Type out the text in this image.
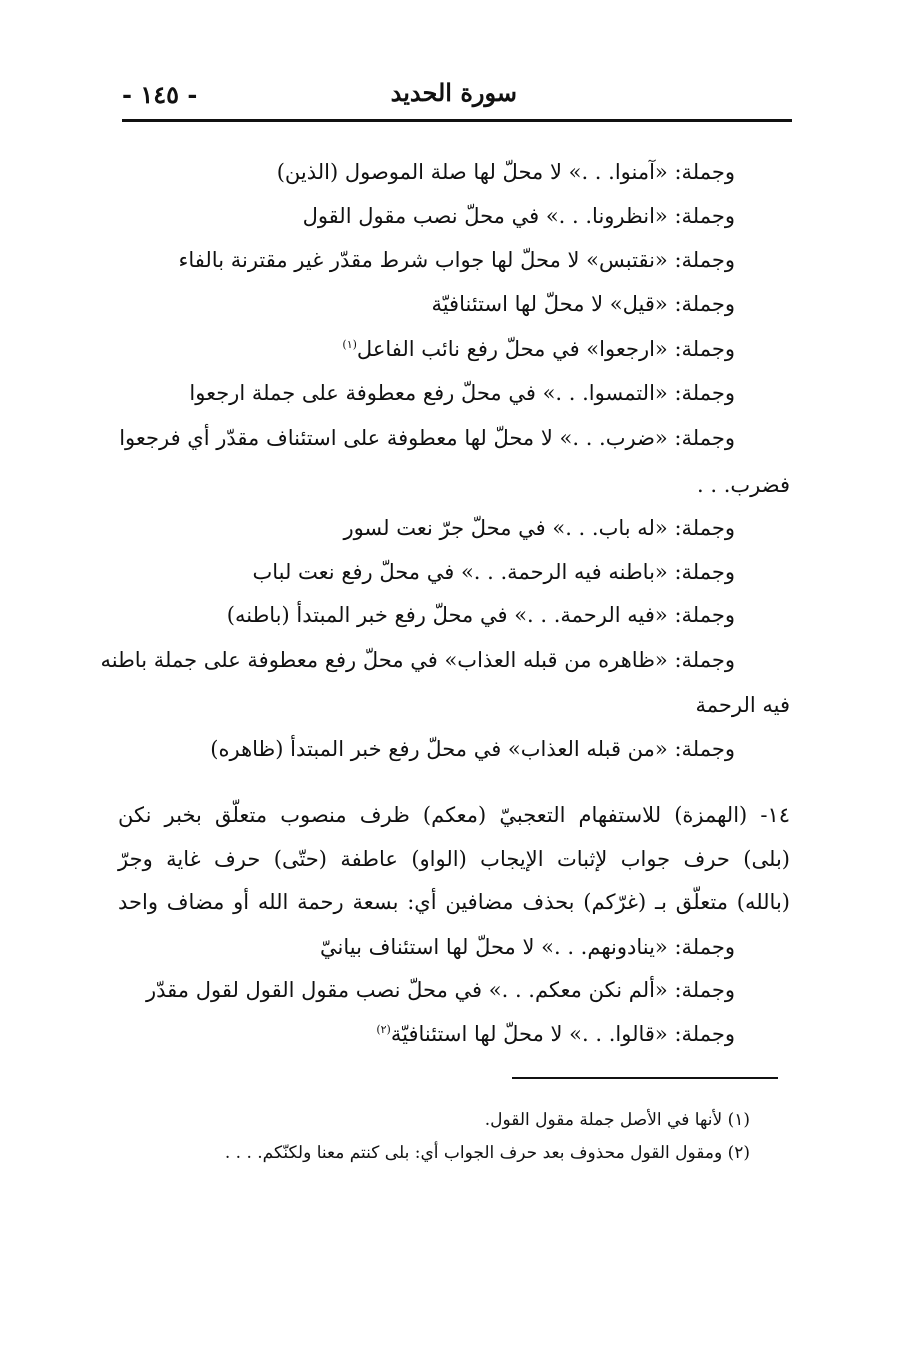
سورة الحديد
- ١٤٥ -
وجملة: «آمنوا. . .» لا محلّ لها صلة الموصول (الذين)
وجملة: «انظرونا. . .» في محلّ نصب مقول القول
وجملة: «نقتبس» لا محلّ لها جواب شرط مقدّر غير مقترنة بالفاء
وجملة: «قيل» لا محلّ لها استئنافيّة
وجملة: «ارجعوا» في محلّ رفع نائب الفاعل$^{(١)}$
وجملة: «التمسوا. . .» في محلّ رفع معطوفة على جملة ارجعوا
وجملة: «ضرب. . .» لا محلّ لها معطوفة على استئناف مقدّر أي فرجعوا
فضرب. . .
وجملة: «له باب. . .» في محلّ جرّ نعت لسور
وجملة: «باطنه فيه الرحمة. . .» في محلّ رفع نعت لباب
وجملة: «فيه الرحمة. . .» في محلّ رفع خبر المبتدأ (باطنه)
وجملة: «ظاهره من قبله العذاب» في محلّ رفع معطوفة على جملة باطنه
فيه الرحمة
وجملة: «من قبله العذاب» في محلّ رفع خبر المبتدأ (ظاهره)
١٤- (الهمزة) للاستفهام التعجبيّ (معكم) ظرف منصوب متعلّق بخبر نكن
(بلى) حرف جواب لإثبات الإيجاب (الواو) عاطفة (حتّى) حرف غاية وجرّ
(بالله) متعلّق بـ (غرّكم) بحذف مضافين أي: بسعة رحمة الله أو مضاف واحد
وجملة: «ينادونهم. . .» لا محلّ لها استئناف بيانيّ
وجملة: «ألم نكن معكم. . .» في محلّ نصب مقول القول لقول مقدّر
وجملة: «قالوا. . .» لا محلّ لها استئنافيّة$^{(٢)}$
(١) لأنها في الأصل جملة مقول القول.
(٢) ومقول القول محذوف بعد حرف الجواب أي: بلى كنتم معنا ولكنّكم. . . .
